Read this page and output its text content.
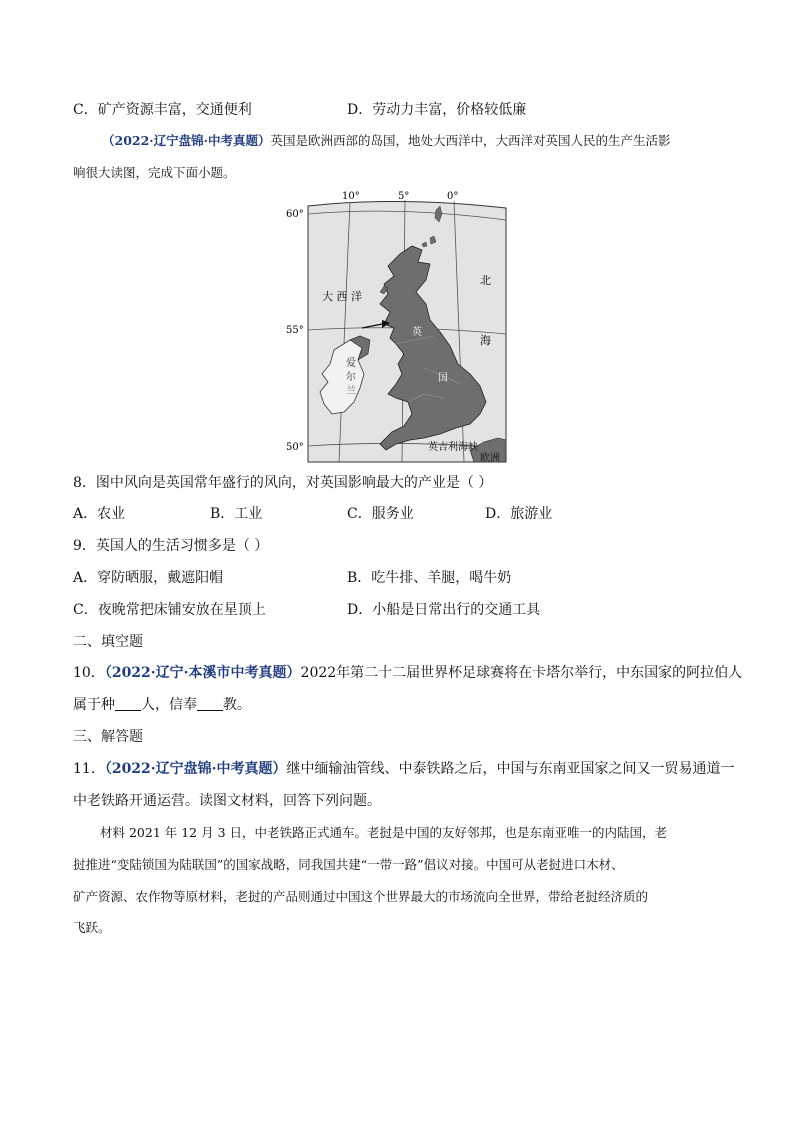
C．矿产资源丰富，交通便利	D．劳动力丰富，价格较低廉
（2022·辽宁盘锦·中考真题）英国是欧洲西部的岛国，地处大西洋中，大西洋对英国人民的生产生活影
响很大读图，完成下面小题。
60°
55°
50°
10°	5°	0°
大 西 洋
北
海
英
国
爱
尔
兰
英吉利海峡
欧洲
8．图中风向是英国常年盛行的风向，对英国影响最大的产业是（ ）
A．农业	B．工业	C．服务业	D．旅游业
9．英国人的生活习惯多是（ ）
A．穿防晒服，戴遮阳帽	B．吃牛排、羊腿，喝牛奶
C．夜晚常把床铺安放在星顶上	D．小船是日常出行的交通工具
二、填空题
10．（2022·辽宁·本溪市中考真题）2022年第二十二届世界杯足球赛将在卡塔尔举行，中东国家的阿拉伯人
属于种 人，信奉 教。
三、解答题
11．（2022·辽宁盘锦·中考真题）继中缅输油管线、中泰铁路之后，中国与东南亚国家之间又一贸易通道一
中老铁路开通运营。读图文材料，回答下列问题。
材料 2021 年 12 月 3 日，中老铁路正式通车。老挝是中国的友好邻邦，也是东南亚唯一的内陆国，老
挝推进“变陆锁国为陆联国”的国家战略，同我国共建“一带一路”倡议对接。中国可从老挝进口木材、
矿产资源、农作物等原材料，老挝的产品则通过中国这个世界最大的市场流向全世界，带给老挝经济质的
飞跃。
